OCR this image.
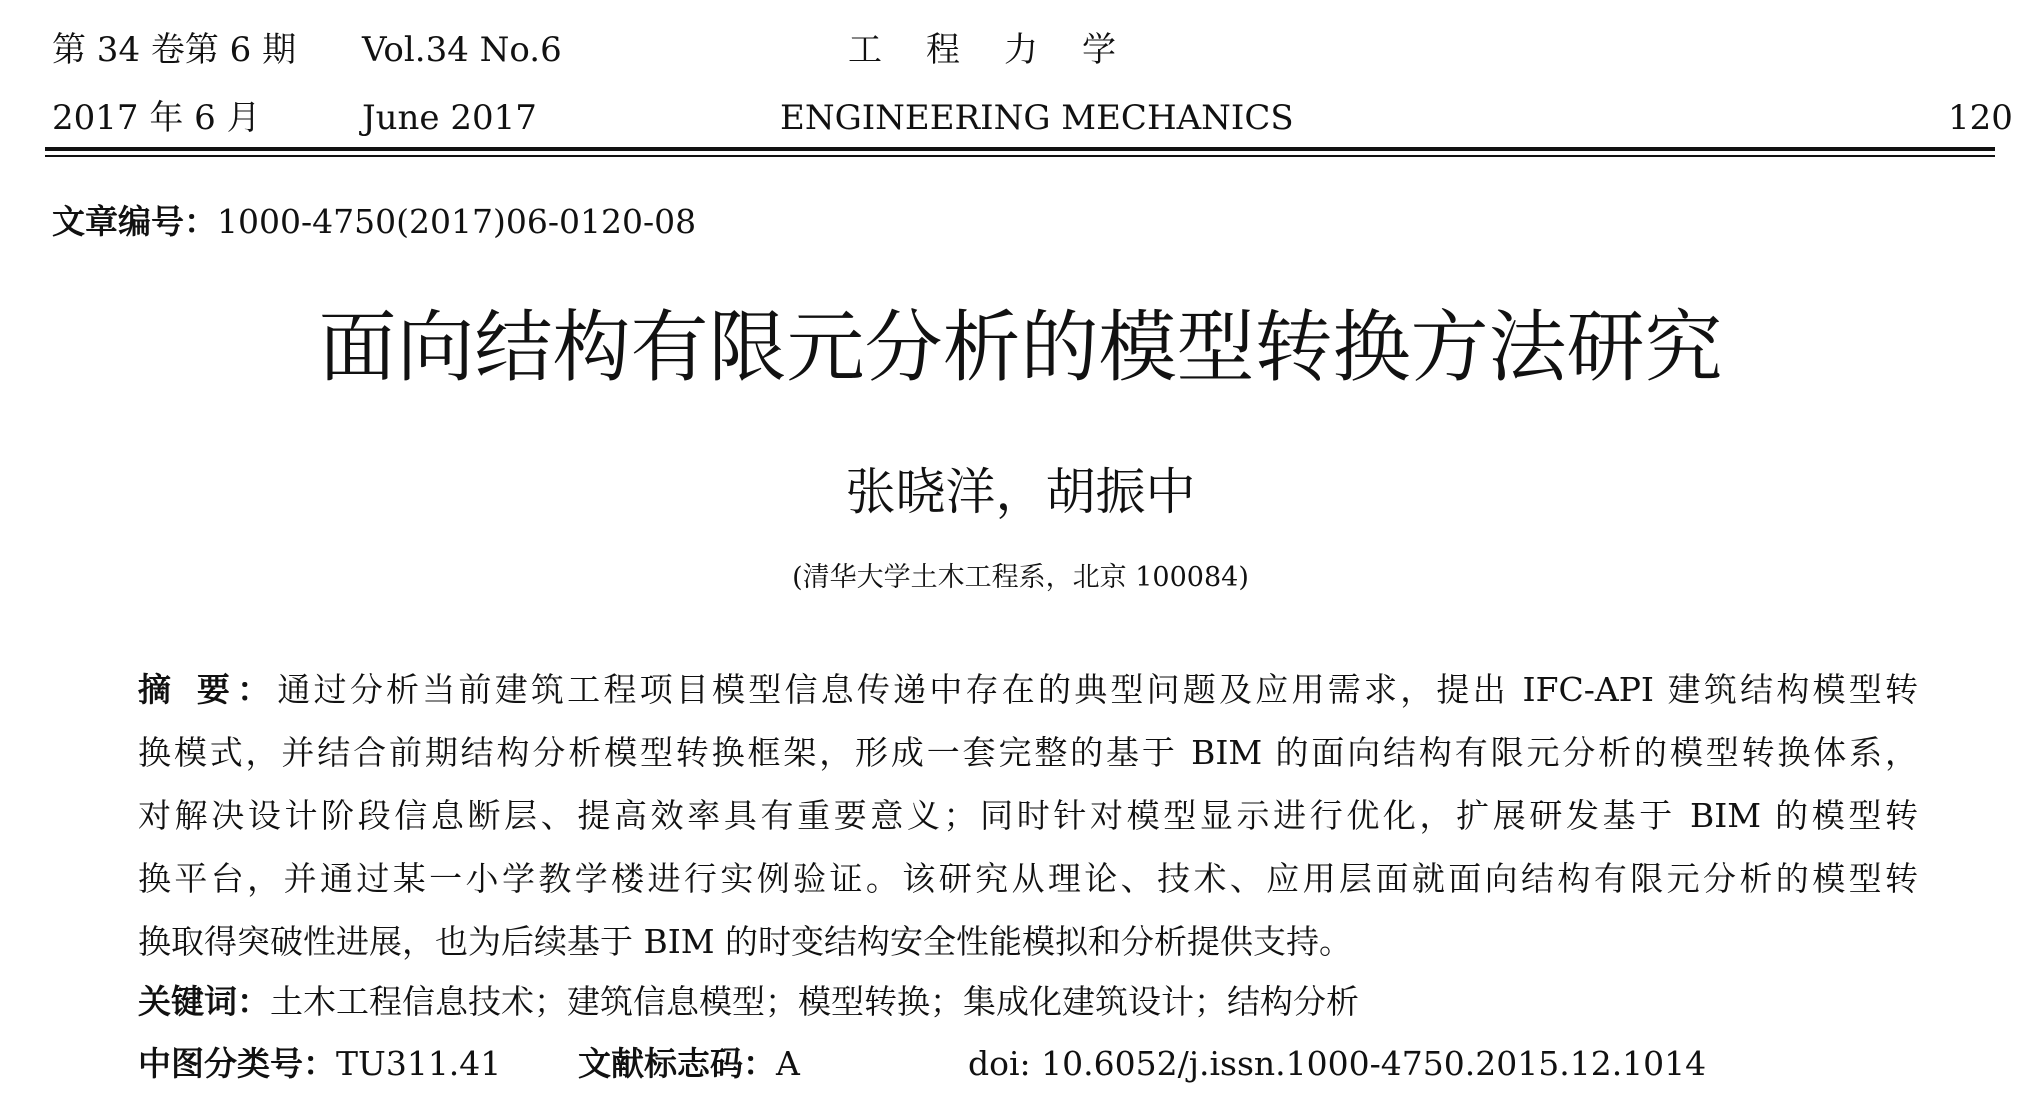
第 34 卷第 6 期 Vol.34 No.6	工程力学
2017 年 6 月	June 2017	ENGINEERING MECHANICS	120
文章编号：1000-4750(2017)06-0120-08
面向结构有限元分析的模型转换方法研究
张晓洋，胡振中
(清华大学土木工程系，北京 100084)
摘 要：通过分析当前建筑工程项目模型信息传递中存在的典型问题及应用需求，提出 IFC-API 建筑结构模型转
换模式，并结合前期结构分析模型转换框架，形成一套完整的基于 BIM 的面向结构有限元分析的模型转换体系，
对解决设计阶段信息断层、提高效率具有重要意义；同时针对模型显示进行优化，扩展研发基于 BIM 的模型转
换平台，并通过某一小学教学楼进行实例验证。该研究从理论、技术、应用层面就面向结构有限元分析的模型转
换取得突破性进展，也为后续基于 BIM 的时变结构安全性能模拟和分析提供支持。
关键词：土木工程信息技术；建筑信息模型；模型转换；集成化建筑设计；结构分析
中图分类号：TU311.41 文献标志码：A	doi: 10.6052/j.issn.1000-4750.2015.12.1014
